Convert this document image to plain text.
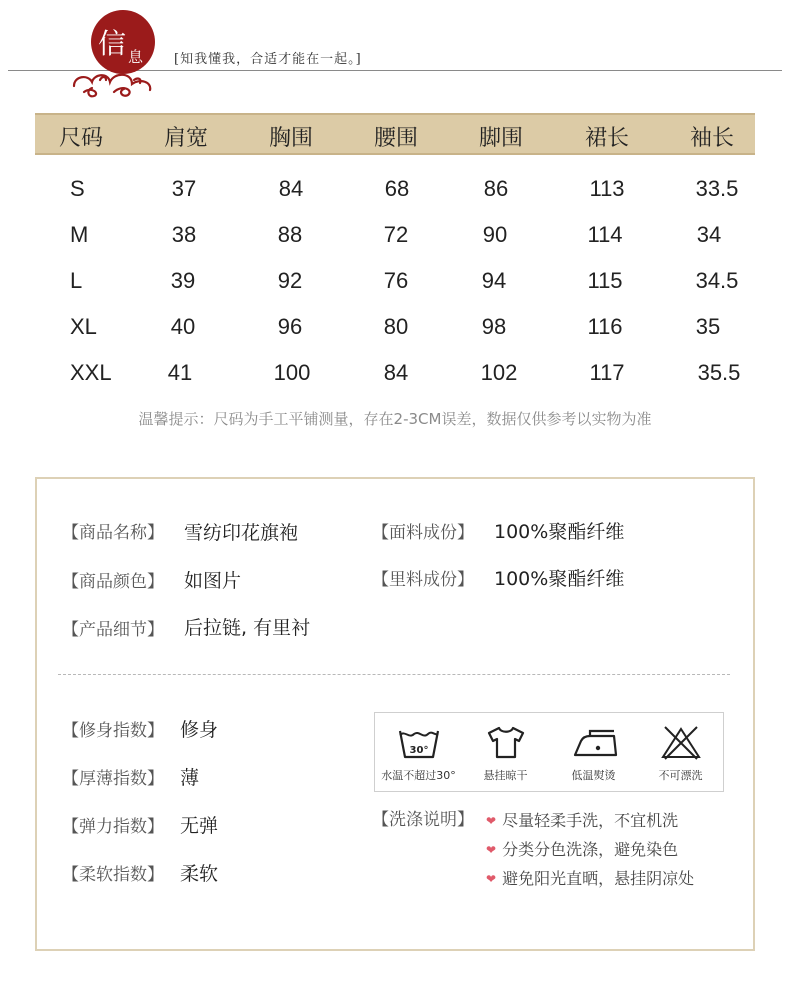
信 息 [知我懂我，合适才能在一起。]
尺码	肩宽	胸围	腰围	脚围	裙长	袖长
S	37	84	68	86	113	33.5
M	38	88	72	90	114	34
L	39	92	76	94	115	34.5
XL	40	96	80	98	116	35
XXL	41	100	84	102	117	35.5
温馨提示：尺码为手工平铺测量，存在2-3CM误差，数据仅供参考以实物为准
【商品名称】 雪纺印花旗袍
【商品颜色】 如图片
【产品细节】 后拉链, 有里衬
【面料成份】 100%聚酯纤维
【里料成份】 100%聚酯纤维
【修身指数】 修身
【厚薄指数】 薄
【弹力指数】 无弹
【柔软指数】 柔软
30°
水温不超过30°	悬挂晾干	低温熨烫	不可漂洗
【洗涤说明】 ❤ 尽量轻柔手洗，不宜机洗
❤ 分类分色洗涤，避免染色
❤ 避免阳光直晒，悬挂阴凉处
